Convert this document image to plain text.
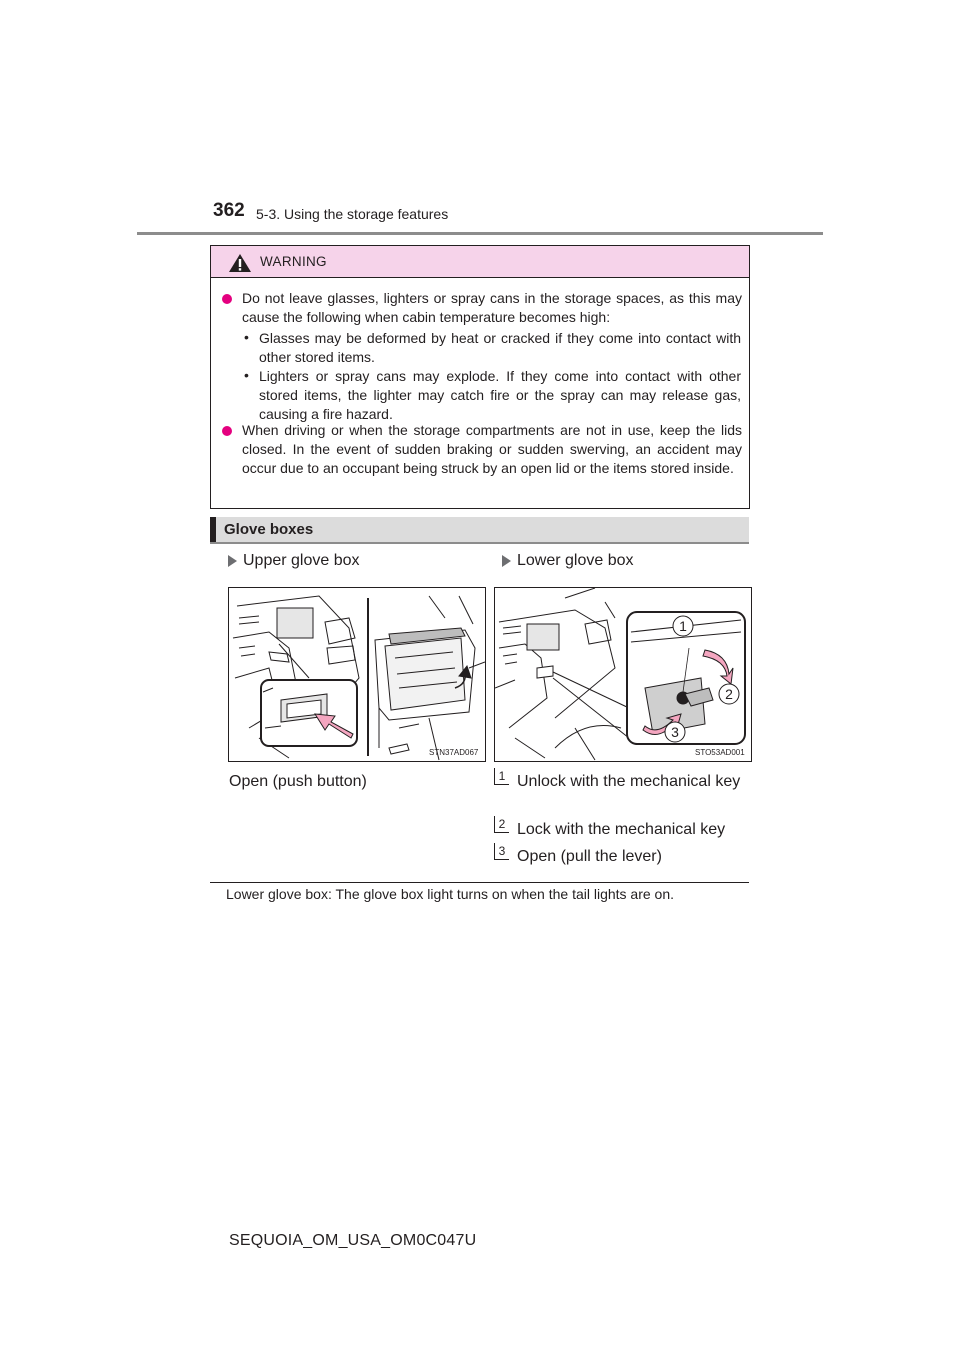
362 5-3. Using the storage features
WARNING
Do not leave glasses, lighters or spray cans in the storage spaces, as this may cause the following when cabin temperature becomes high:
• Glasses may be deformed by heat or cracked if they come into contact with other stored items.
• Lighters or spray cans may explode. If they come into contact with other stored items, the lighter may catch fire or the spray can may release gas, causing a fire hazard.
When driving or when the storage compartments are not in use, keep the lids closed. In the event of sudden braking or sudden swerving, an accident may occur due to an occupant being struck by an open lid or the items stored inside.
Glove boxes
Upper glove box	Lower glove box
STN37AD067
1
2
3
STO53AD001
Open (push button)	1 Unlock with the mechanical key
2 Lock with the mechanical key
3 Open (pull the lever)
Lower glove box: The glove box light turns on when the tail lights are on.
SEQUOIA_OM_USA_OM0C047U
